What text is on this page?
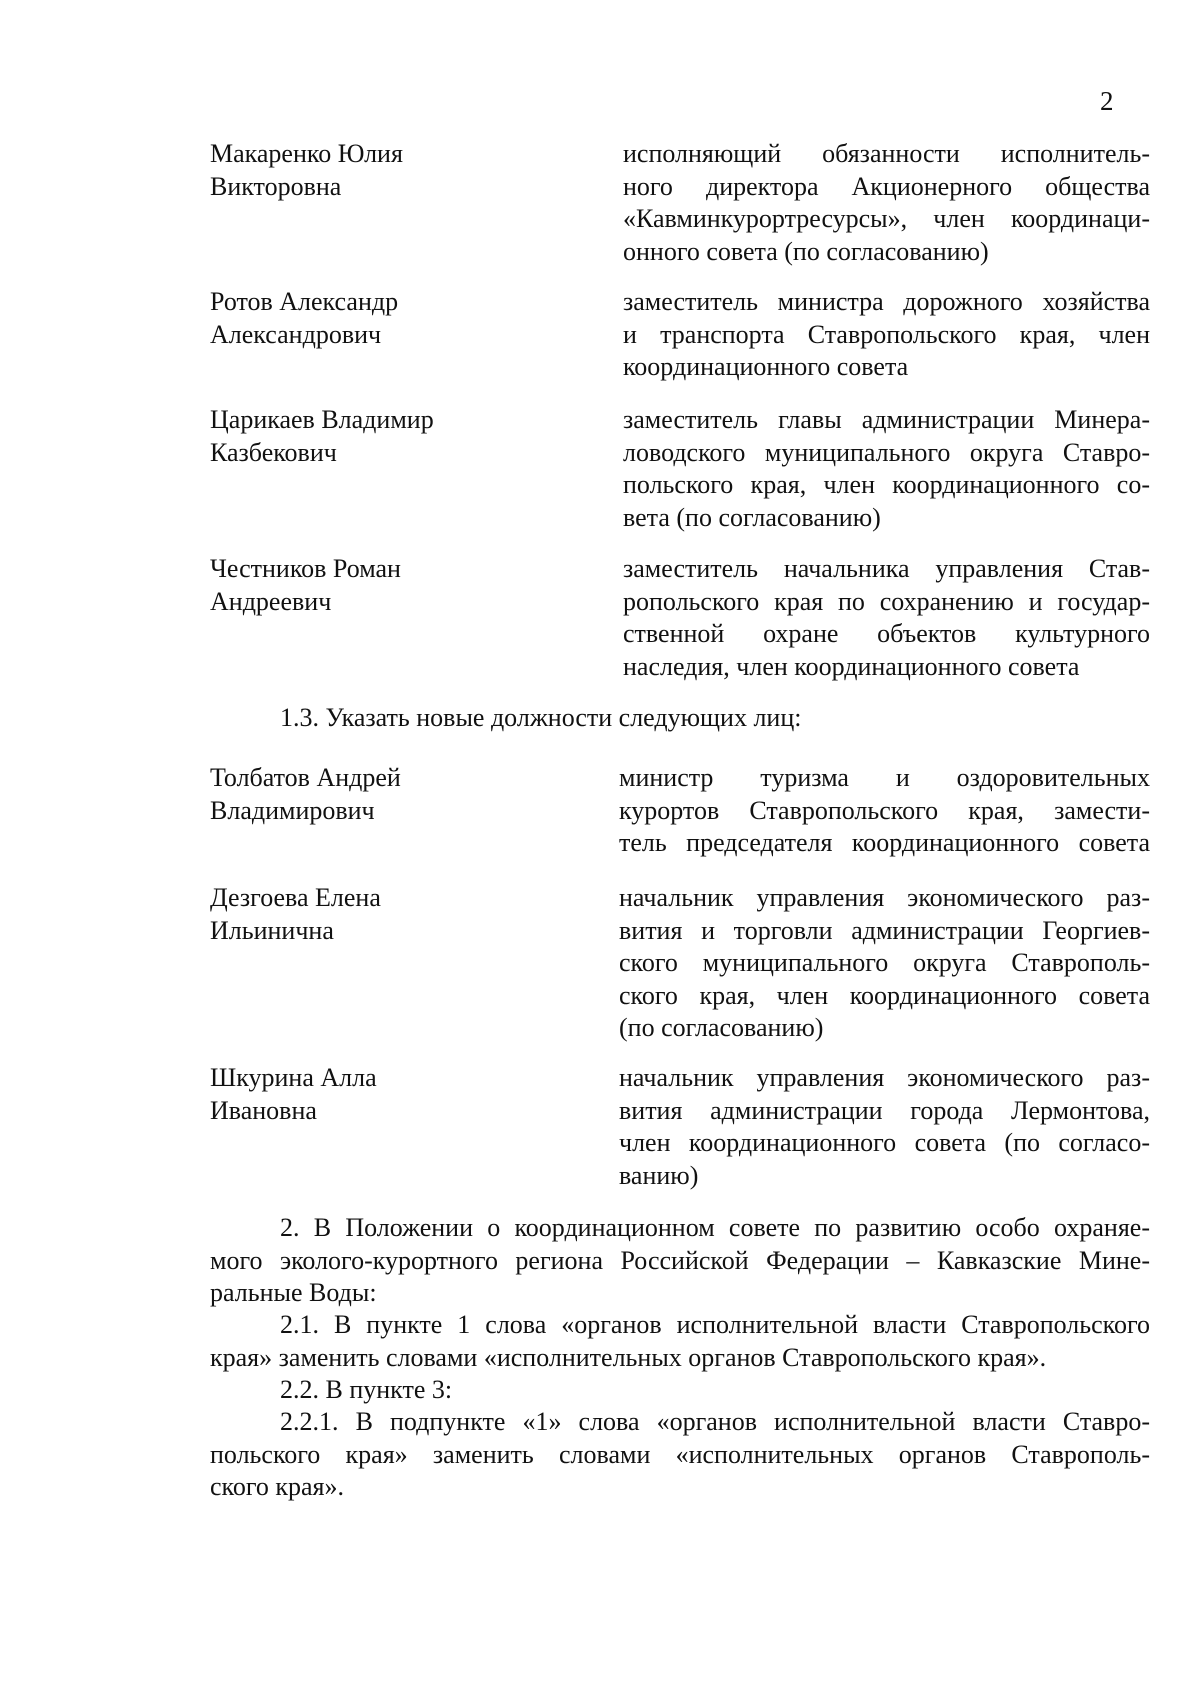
2
Макаренко Юлия
Викторовна
исполняющий обязанности исполнитель-
ного директора Акционерного общества
«Кавминкурортресурсы», член координаци-
онного совета (по согласованию)
Ротов Александр
Александрович
заместитель министра дорожного хозяйства
и транспорта Ставропольского края, член
координационного совета
Царикаев Владимир
Казбекович
заместитель главы администрации Минера-
ловодского муниципального округа Ставро-
польского края, член координационного со-
вета (по согласованию)
Честников Роман
Андреевич
заместитель начальника управления Став-
ропольского края по сохранению и государ-
ственной охране объектов культурного
наследия, член координационного совета
1.3. Указать новые должности следующих лиц:
Толбатов Андрей
Владимирович
министр туризма и оздоровительных
курортов Ставропольского края, замести-
тель председателя координационного совета
Дезгоева Елена
Ильинична
начальник управления экономического раз-
вития и торговли администрации Георгиев-
ского муниципального округа Ставрополь-
ского края, член координационного совета
(по согласованию)
Шкурина Алла
Ивановна
начальник управления экономического раз-
вития администрации города Лермонтова,
член координационного совета (по согласо-
ванию)
2. В Положении о координационном совете по развитию особо охраняе-
мого эколого-курортного региона Российской Федерации – Кавказские Мине-
ральные Воды:
2.1. В пункте 1 слова «органов исполнительной власти Ставропольского
края» заменить словами «исполнительных органов Ставропольского края».
2.2. В пункте 3:
2.2.1. В подпункте «1» слова «органов исполнительной власти Ставро-
польского края» заменить словами «исполнительных органов Ставрополь-
ского края».
